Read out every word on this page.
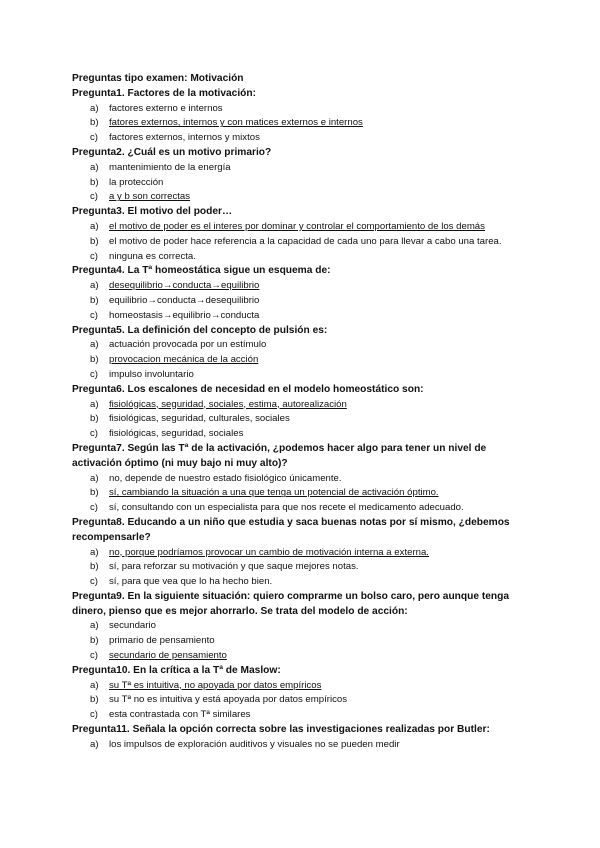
Preguntas tipo examen: Motivación
Pregunta1. Factores de la motivación:
a) factores externo e internos
b) fatores externos, internos y con matices externos e internos
c) factores externos, internos y mixtos
Pregunta2. ¿Cuál es un motivo primario?
a) mantenimiento de la energía
b) la protección
c) a y b son correctas
Pregunta3. El motivo del poder…
a) el motivo de poder es el interes por dominar y controlar el comportamiento de los demás
b) el motivo de poder hace referencia a la capacidad de cada uno para llevar a cabo una tarea.
c) ninguna es correcta.
Pregunta4. La Tª homeostática sigue un esquema de:
a) desequilibrio→conducta→equilibrio
b) equilibrio→conducta→desequilibrio
c) homeostasis→equilibrio→conducta
Pregunta5. La definición del concepto de pulsión es:
a) actuación provocada por un estímulo
b) provocacion mecánica de la acción
c) impulso involuntario
Pregunta6. Los escalones de necesidad en el modelo homeostático son:
a) fisiológicas, seguridad, sociales, estima, autorealización
b) fisiológicas, seguridad, culturales, sociales
c) fisiológicas, seguridad, sociales
Pregunta7. Según las Tª de la activación, ¿podemos hacer algo para tener un nivel de activación óptimo (ni muy bajo ni muy alto)?
a) no, depende de nuestro estado fisiológico únicamente.
b) sí, cambiando la situación a una que tenga un potencial de activación óptimo.
c) sí, consultando con un especialista para que nos recete el medicamento adecuado.
Pregunta8. Educando a un niño que estudia y saca buenas notas por sí mismo, ¿debemos recompensarle?
a) no, porque podríamos provocar un cambio de motivación interna a externa.
b) sí, para reforzar su motivación y que saque mejores notas.
c) sí, para que vea que lo ha hecho bien.
Pregunta9. En la siguiente situación: quiero comprarme un bolso caro, pero aunque tenga dinero, pienso que es mejor ahorrarlo. Se trata del modelo de acción:
a) secundario
b) primario de pensamiento
c) secundario de pensamiento
Pregunta10. En la crítica a la Tª de Maslow:
a) su Tª es intuitiva, no apoyada por datos empíricos
b) su Tª no es intuitiva y está apoyada por datos empíricos
c) esta contrastada con Tª similares
Pregunta11. Señala la opción correcta sobre las investigaciones realizadas por Butler:
a) los impulsos de exploración auditivos y visuales no se pueden medir
